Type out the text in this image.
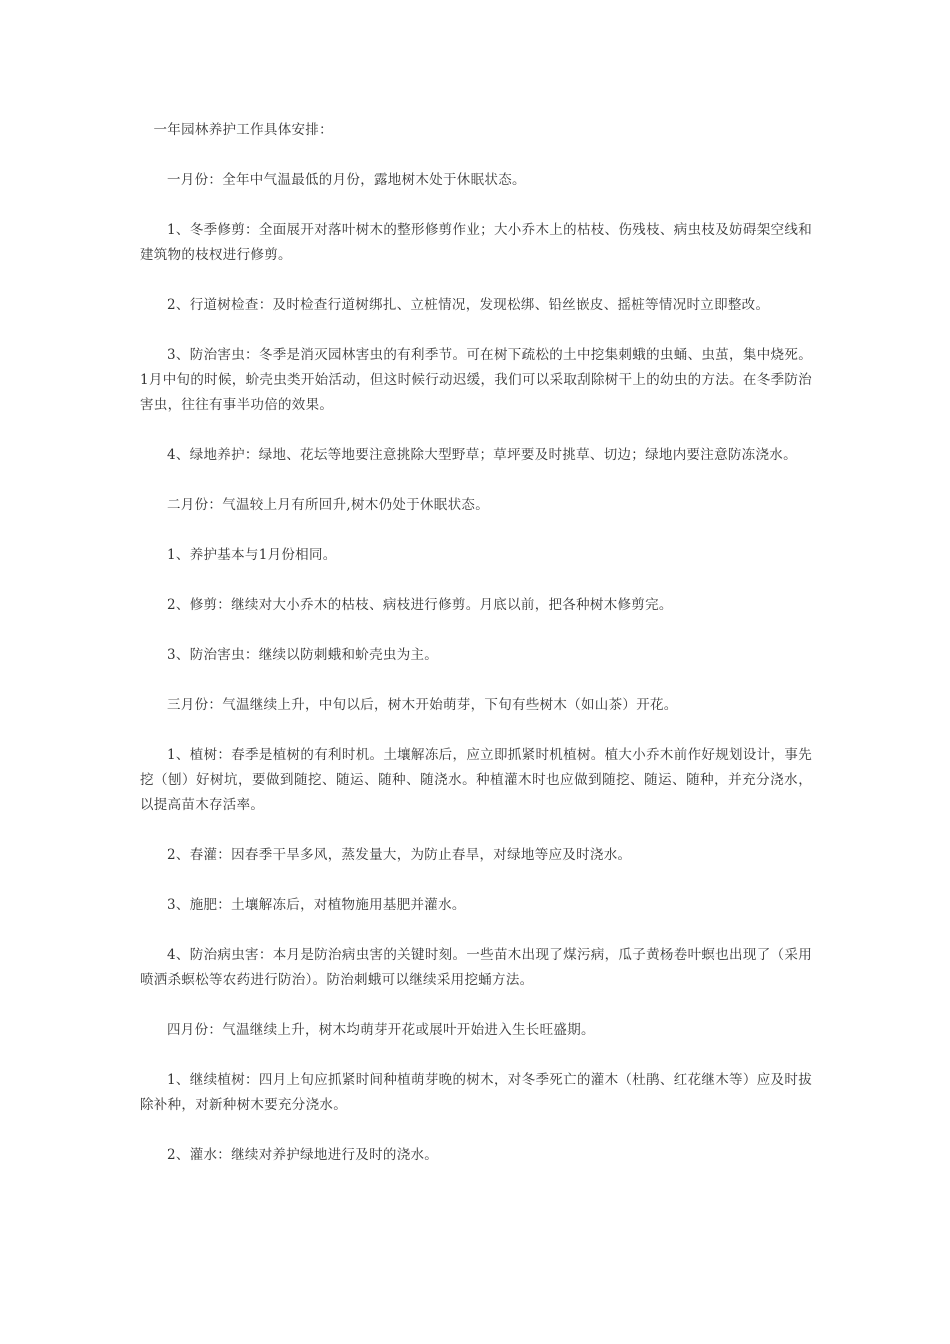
一年园林养护工作具体安排：

一月份：全年中气温最低的月份，露地树木处于休眠状态。

1、冬季修剪：全面展开对落叶树木的整形修剪作业；大小乔木上的枯枝、伤残枝、病虫枝及妨碍架空线和建筑物的枝杈进行修剪。

2、行道树检查：及时检查行道树绑扎、立桩情况，发现松绑、铅丝嵌皮、摇桩等情况时立即整改。

3、防治害虫：冬季是消灭园林害虫的有利季节。可在树下疏松的土中挖集刺蛾的虫蛹、虫茧，集中烧死。1月中旬的时候，蚧壳虫类开始活动，但这时候行动迟缓，我们可以采取刮除树干上的幼虫的方法。在冬季防治害虫，往往有事半功倍的效果。

4、绿地养护：绿地、花坛等地要注意挑除大型野草；草坪要及时挑草、切边；绿地内要注意防冻浇水。

二月份：气温较上月有所回升,树木仍处于休眠状态。

1、养护基本与1月份相同。

2、修剪：继续对大小乔木的枯枝、病枝进行修剪。月底以前，把各种树木修剪完。

3、防治害虫：继续以防刺蛾和蚧壳虫为主。

三月份：气温继续上升，中旬以后，树木开始萌芽，下旬有些树木（如山茶）开花。

1、植树：春季是植树的有利时机。土壤解冻后，应立即抓紧时机植树。植大小乔木前作好规划设计，事先挖（刨）好树坑，要做到随挖、随运、随种、随浇水。种植灌木时也应做到随挖、随运、随种，并充分浇水，以提高苗木存活率。

2、春灌：因春季干旱多风，蒸发量大，为防止春旱，对绿地等应及时浇水。

3、施肥：土壤解冻后，对植物施用基肥并灌水。

4、防治病虫害：本月是防治病虫害的关键时刻。一些苗木出现了煤污病，瓜子黄杨卷叶螟也出现了（采用喷洒杀螟松等农药进行防治）。防治刺蛾可以继续采用挖蛹方法。

四月份：气温继续上升，树木均萌芽开花或展叶开始进入生长旺盛期。

1、继续植树：四月上旬应抓紧时间种植萌芽晚的树木，对冬季死亡的灌木（杜鹃、红花继木等）应及时拔除补种，对新种树木要充分浇水。

2、灌水：继续对养护绿地进行及时的浇水。
